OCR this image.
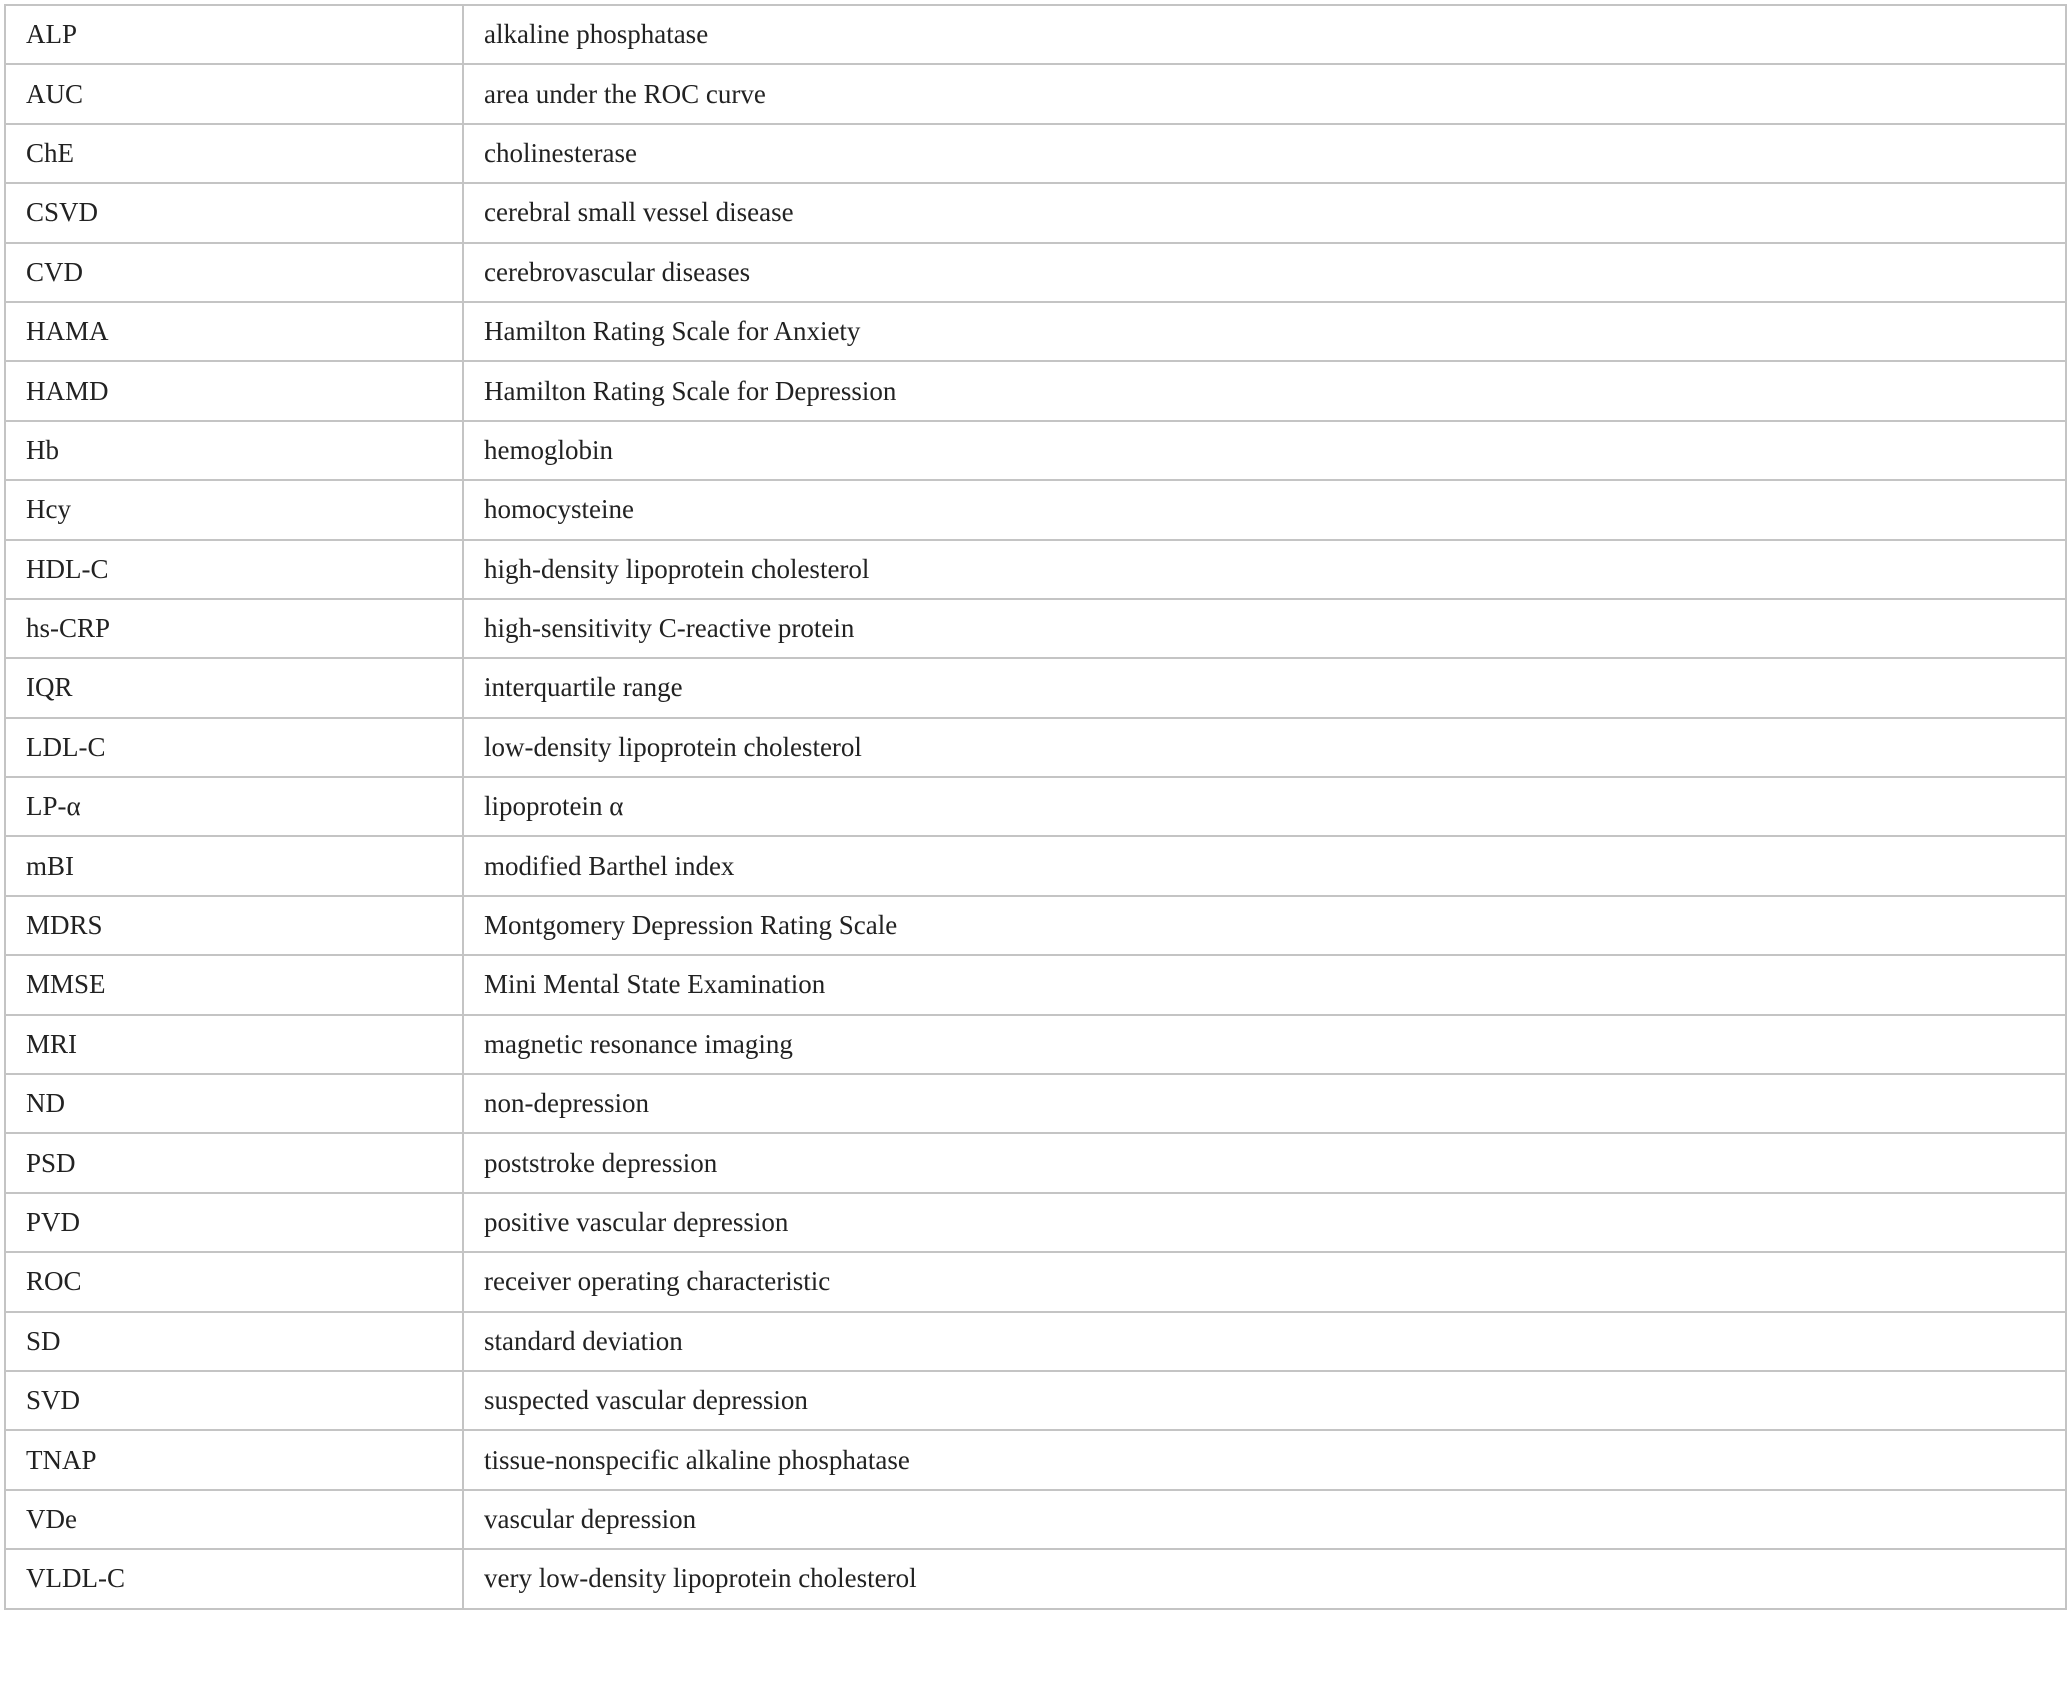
ALP	alkaline phosphatase
AUC	area under the ROC curve
ChE	cholinesterase
CSVD	cerebral small vessel disease
CVD	cerebrovascular diseases
HAMA	Hamilton Rating Scale for Anxiety
HAMD	Hamilton Rating Scale for Depression
Hb	hemoglobin
Hcy	homocysteine
HDL-C	high-density lipoprotein cholesterol
hs-CRP	high-sensitivity C-reactive protein
IQR	interquartile range
LDL-C	low-density lipoprotein cholesterol
LP-α	lipoprotein α
mBI	modified Barthel index
MDRS	Montgomery Depression Rating Scale
MMSE	Mini Mental State Examination
MRI	magnetic resonance imaging
ND	non-depression
PSD	poststroke depression
PVD	positive vascular depression
ROC	receiver operating characteristic
SD	standard deviation
SVD	suspected vascular depression
TNAP	tissue-nonspecific alkaline phosphatase
VDe	vascular depression
VLDL-C	very low-density lipoprotein cholesterol
